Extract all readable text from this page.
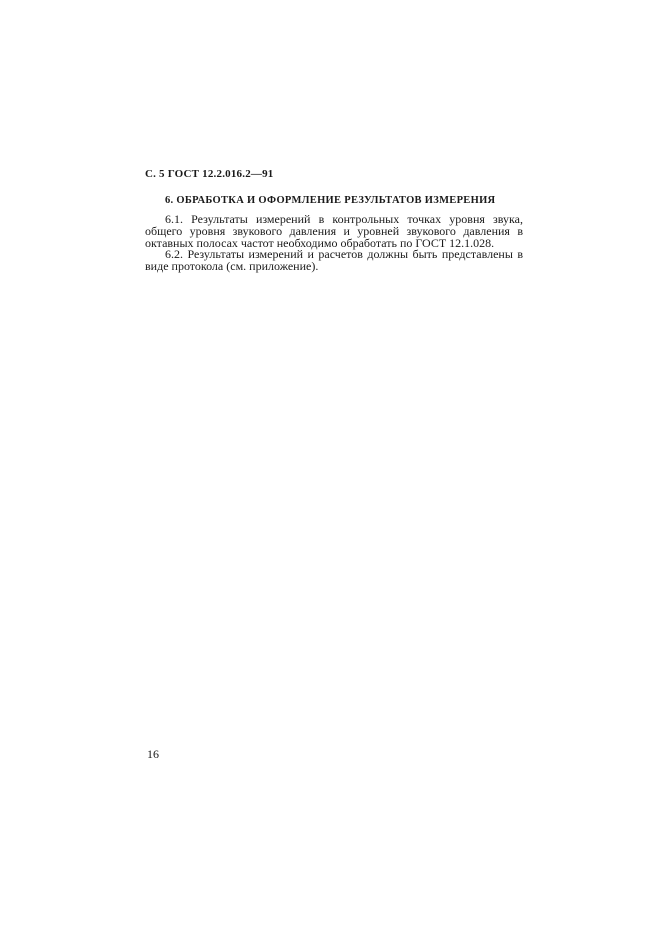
С. 5 ГОСТ 12.2.016.2—91
6. ОБРАБОТКА И ОФОРМЛЕНИЕ РЕЗУЛЬТАТОВ ИЗМЕРЕНИЯ

6.1. Результаты измерений в контрольных точках уровня звука, общего уровня звукового давления и уровней звукового давления в октавных полосах частот необходимо обработать по ГОСТ 12.1.028.

6.2. Результаты измерений и расчетов должны быть представлены в виде протокола (см. приложение).

16
